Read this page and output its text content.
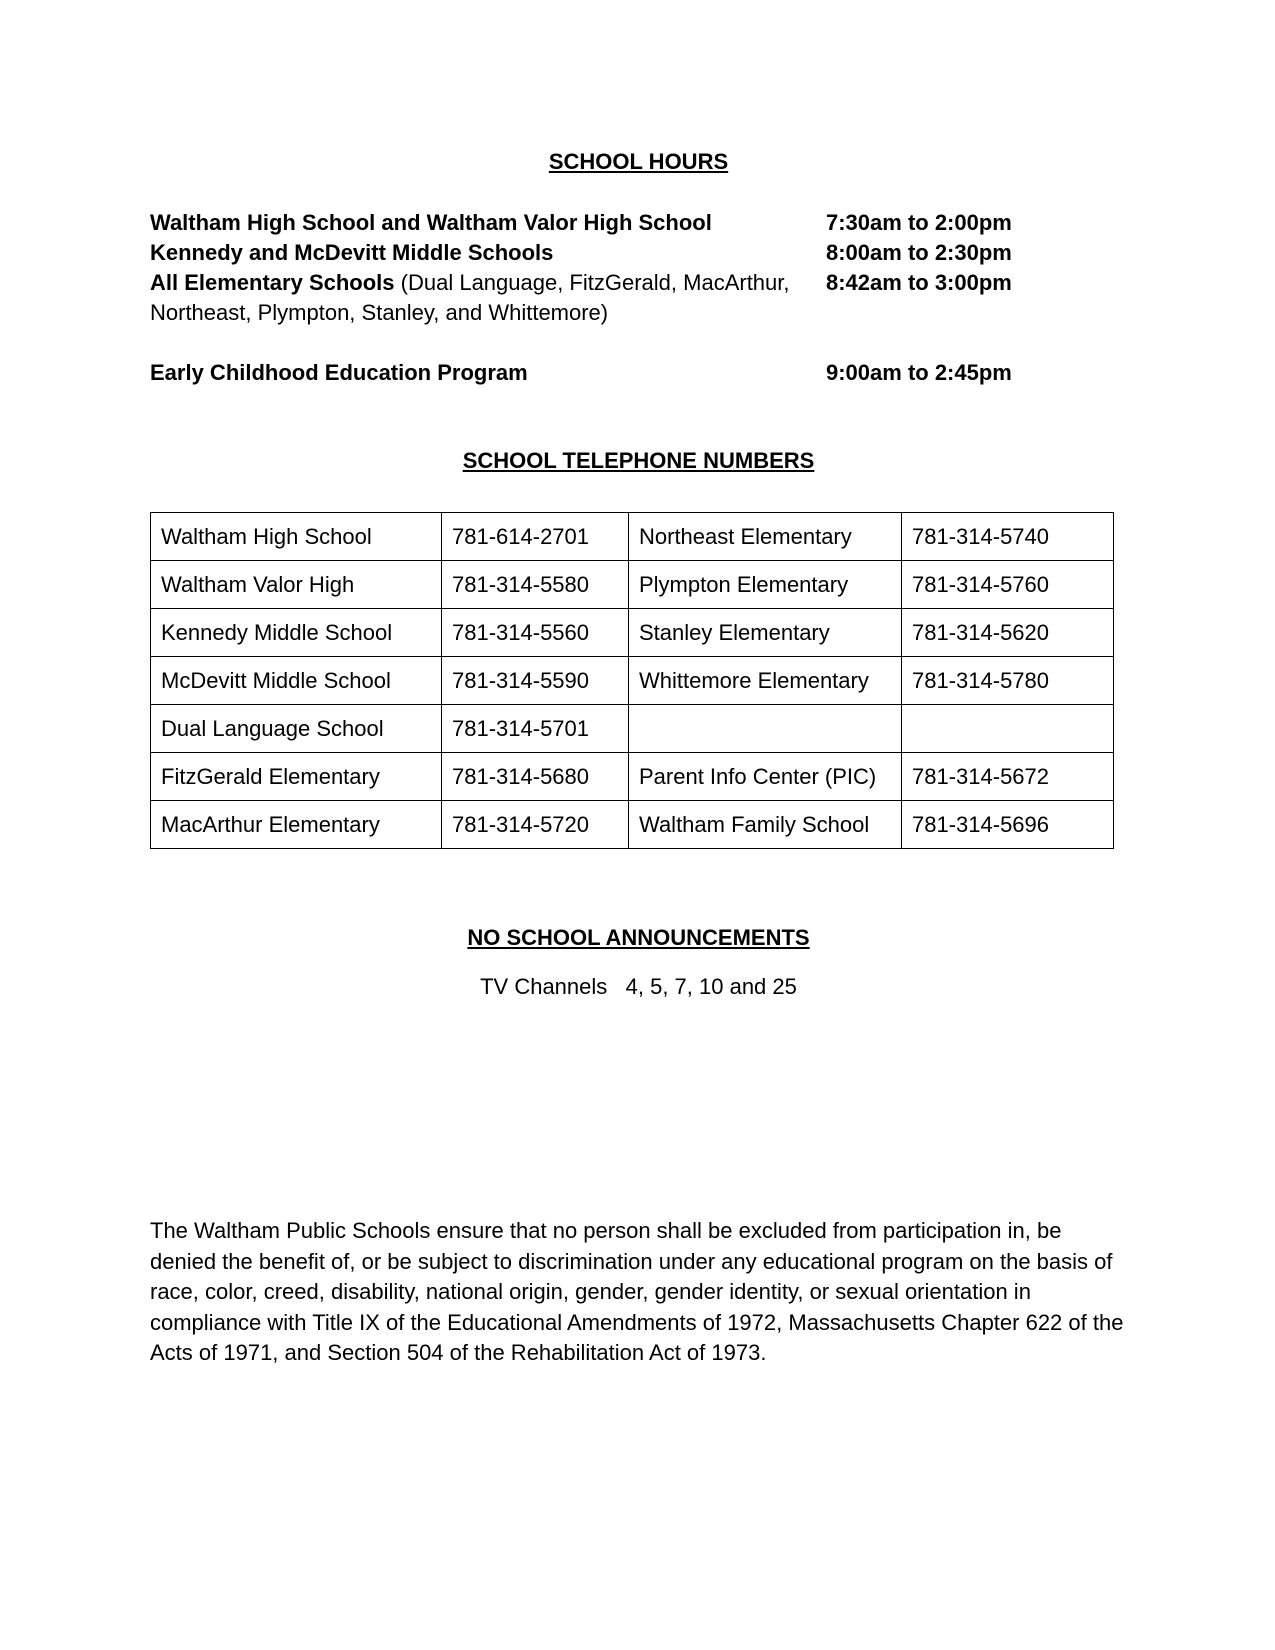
SCHOOL HOURS
Waltham High School and Waltham Valor High School	7:30am to 2:00pm
Kennedy and McDevitt Middle Schools	8:00am to 2:30pm
All Elementary Schools (Dual Language, FitzGerald, MacArthur, Northeast, Plympton, Stanley, and Whittemore)
8:42am to 3:00pm
Early Childhood Education Program	9:00am to 2:45pm
SCHOOL TELEPHONE NUMBERS
Waltham High School	781-614-2701	Northeast Elementary	781-314-5740
Waltham Valor High	781-314-5580	Plympton Elementary	781-314-5760
Kennedy Middle School	781-314-5560	Stanley Elementary	781-314-5620
McDevitt Middle School	781-314-5590	Whittemore Elementary	781-314-5780
Dual Language School	781-314-5701		
FitzGerald Elementary	781-314-5680	Parent Info Center (PIC)	781-314-5672
MacArthur Elementary	781-314-5720	Waltham Family School	781-314-5696
NO SCHOOL ANNOUNCEMENTS
TV Channels 4, 5, 7, 10 and 25
The Waltham Public Schools ensure that no person shall be excluded from participation in, be denied the benefit of, or be subject to discrimination under any educational program on the basis of race, color, creed, disability, national origin, gender, gender identity, or sexual orientation in compliance with Title IX of the Educational Amendments of 1972, Massachusetts Chapter 622 of the Acts of 1971, and Section 504 of the Rehabilitation Act of 1973.
